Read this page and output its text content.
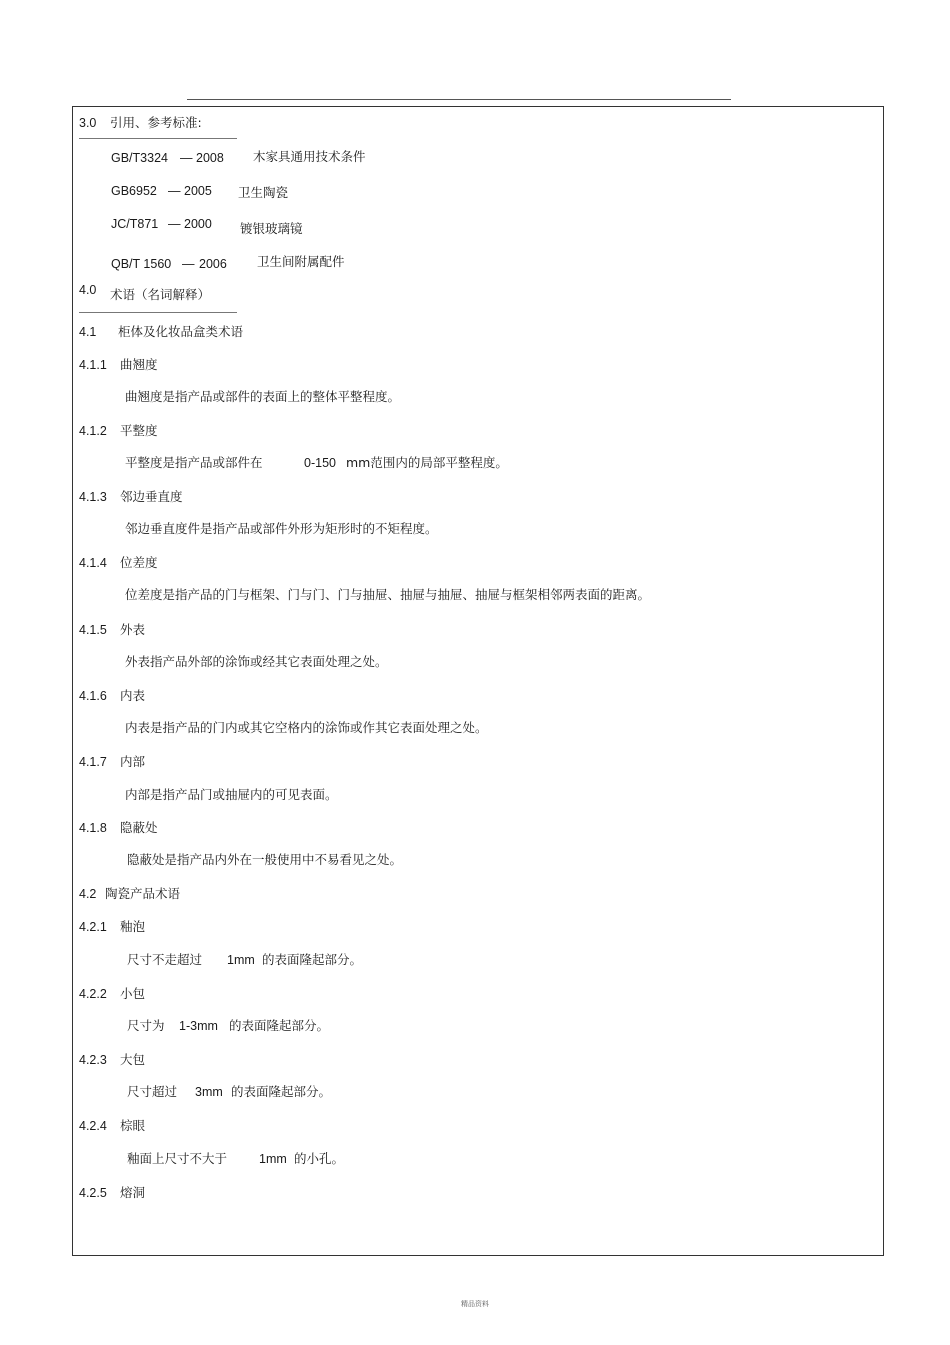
3.0 引用、参考标准:
GB/T3324 — 2008 木家具通用技术条件
GB6952 — 2005 卫生陶瓷
JC/T871 — 2000 镀银玻璃镜
QB/T 1560 — 2006 卫生间附属配件
4.0 术语（名词解释）
4.1 柜体及化妆品盒类术语
4.1.1 曲翘度
曲翘度是指产品或部件的表面上的整体平整程度。
4.1.2 平整度
平整度是指产品或部件在	0-150 mm范围内的局部平整程度。
4.1.3 邻边垂直度
邻边垂直度件是指产品或部件外形为矩形时的不矩程度。
4.1.4 位差度
位差度是指产品的门与框架、门与门、门与抽屉、抽屉与抽屉、抽屉与框架相邻两表面的距离。
4.1.5 外表
外表指产品外部的涂饰或经其它表面处理之处。
4.1.6 内表
内表是指产品的门内或其它空格内的涂饰或作其它表面处理之处。
4.1.7 内部
内部是指产品门或抽屉内的可见表面。
4.1.8 隐蔽处
隐蔽处是指产品内外在一般使用中不易看见之处。
4.2 陶瓷产品术语
4.2.1 釉泡
尺寸不走超过 1mm 的表面隆起部分。
4.2.2 小包
尺寸为 1-3mm 的表面隆起部分。
4.2.3 大包
尺寸超过 3mm 的表面隆起部分。
4.2.4 棕眼
釉面上尺寸不大于	1mm 的小孔。
4.2.5 熔洞
精品资料
